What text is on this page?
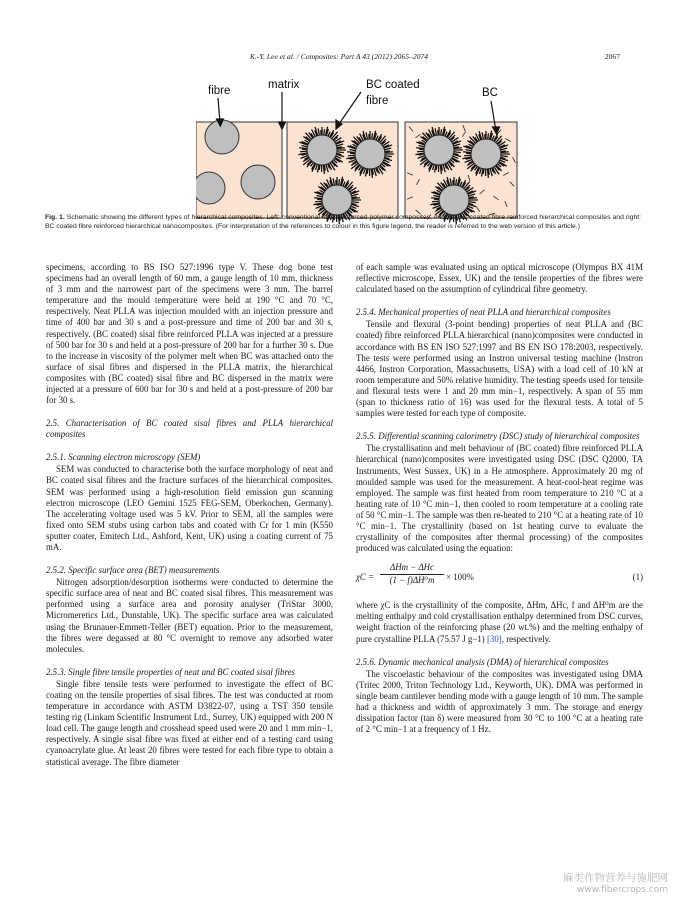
K.-Y. Lee et al. / Composites: Part A 43 (2012) 2065–2074	2067
fibre	matrix	BC coated
fibre
BC
Fig. 1. Schematic showing the different types of hierarchical composites. Left: conventional fibre reinforced polymer composites, middle: BC coated fibre reinforced hierarchical composites and right: BC coated fibre reinforced hierarchical nanocomposites. (For interpretation of the references to colour in this figure legend, the reader is referred to the web version of this article.)

specimens, according to BS ISO 527:1996 type V. These dog bone test specimens had an overall length of 60 mm, a gauge length of 10 mm, thickness of 3 mm and the narrowest part of the specimens were 3 mm. The barrel temperature and the mould temperature were held at 190 °C and 70 °C, respectively. Neat PLLA was injection moulded with an injection pressure and time of 400 bar and 30 s and a post-pressure and time of 200 bar and 30 s, respectively. (BC coated) sisal fibre reinforced PLLA was injected at a pressure of 500 bar for 30 s and held at a post-pressure of 200 bar for a further 30 s. Due to the increase in viscosity of the polymer melt when BC was attached onto the surface of sisal fibres and dispersed in the PLLA matrix, the hierarchical composites with (BC coated) sisal fibre and BC dispersed in the matrix were injected at a pressure of 600 bar for 30 s and held at a post-pressure of 200 bar for 30 s.

2.5. Characterisation of BC coated sisal fibres and PLLA hierarchical composites
2.5.1. Scanning electron microscopy (SEM)

SEM was conducted to characterise both the surface morphology of neat and BC coated sisal fibres and the fracture surfaces of the hierarchical composites. SEM was performed using a high-resolution field emission gun scanning electron microscope (LEO Gemini 1525 FEG-SEM, Oberkochen, Germany). The accelerating voltage used was 5 kV. Prior to SEM, all the samples were fixed onto SEM stubs using carbon tabs and coated with Cr for 1 min (K550 sputter coater, Emitech Ltd., Ashford, Kent, UK) using a coating current of 75 mA.

2.5.2. Specific surface area (BET) measurements

Nitrogen adsorption/desorption isotherms were conducted to determine the specific surface area of neat and BC coated sisal fibres. This measurement was performed using a surface area and porosity analyser (TriStar 3000, Micromeretics Ltd., Dunstable, UK). The specific surface area was calculated using the Brunauer-Emmett-Teller (BET) equation. Prior to the measurement, the fibres were degassed at 80 °C overnight to remove any adsorbed water molecules.

2.5.3. Single fibre tensile properties of neat and BC coated sisal fibres

Single fibre tensile tests were performed to investigate the effect of BC coating on the tensile properties of sisal fibres. The test was conducted at room temperature in accordance with ASTM D3822-07, using a TST 350 tensile testing rig (Linkam Scientific Instrument Ltd., Surrey, UK) equipped with 200 N load cell. The gauge length and crosshead speed used were 20 and 1 mm min−1, respectively. A single sisal fibre was fixed at either end of a testing card using cyanoacrylate glue. At least 20 fibres were tested for each fibre type to obtain a statistical average. The fibre diameter

of each sample was evaluated using an optical microscope (Olympus BX 41M reflective microscope, Essex, UK) and the tensile properties of the fibres were calculated based on the assumption of cylindrical fibre geometry.

2.5.4. Mechanical properties of neat PLLA and hierarchical composites

Tensile and flexural (3-point bending) properties of neat PLLA and (BC coated) fibre reinforced PLLA hierarchical (nano)composites were conducted in accordance with BS EN ISO 527:1997 and BS EN ISO 178:2003, respectively. The tests were performed using an Instron universal testing machine (Instron 4466, Instron Corporation, Massachusetts, USA) with a load cell of 10 kN at room temperature and 50% relative humidity. The testing speeds used for tensile and flexural tests were 1 and 20 mm min−1, respectively. A span of 55 mm (span to thickness ratio of 16) was used for the flexural tests. A total of 5 samples were tested for each type of composite.

2.5.5. Differential scanning calorimetry (DSC) study of hierarchical composites

The crystallisation and melt behaviour of (BC coated) fibre reinforced PLLA hierarchical (nano)composites were investigated using DSC (DSC Q2000, TA Instruments, West Sussex, UK) in a He atmosphere. Approximately 20 mg of moulded sample was used for the measurement. A heat-cool-heat regime was employed. The sample was first heated from room temperature to 210 °C at a heating rate of 10 °C min−1, then cooled to room temperature at a cooling rate of 50 °C min−1. The sample was then re-heated to 210 °C at a heating rate of 10 °C min−1. The crystallinity (based on 1st heating curve to evaluate the crystallinity of the composites after thermal processing) of the composites produced was calculated using the equation:

χC =
ΔHm − ΔHc
(1 − f)ΔH⁰m	× 100%	(1)

where χC is the crystallinity of the composite, ΔHm, ΔHc, f and ΔH⁰m are the melting enthalpy and cold crystallisation enthalpy determined from DSC curves, weight fraction of the reinforcing phase (20 wt.%) and the melting enthalpy of pure crystalline PLLA (75.57 J g−1) [30], respectively.

2.5.6. Dynamic mechanical analysis (DMA) of hierarchical composites

The viscoelastic behaviour of the composites was investigated using DMA (Tritec 2000, Triton Technology Ltd., Keyworth, UK). DMA was performed in single beam cantilever bending mode with a gauge length of 10 mm. The sample had a thickness and width of approximately 3 mm. The storage and energy dissipation factor (tan δ) were measured from 30 °C to 100 °C at a heating rate of 2 °C min−1 at a frequency of 1 Hz.

麻类作物营养与施肥网
www.fibercrops.com
